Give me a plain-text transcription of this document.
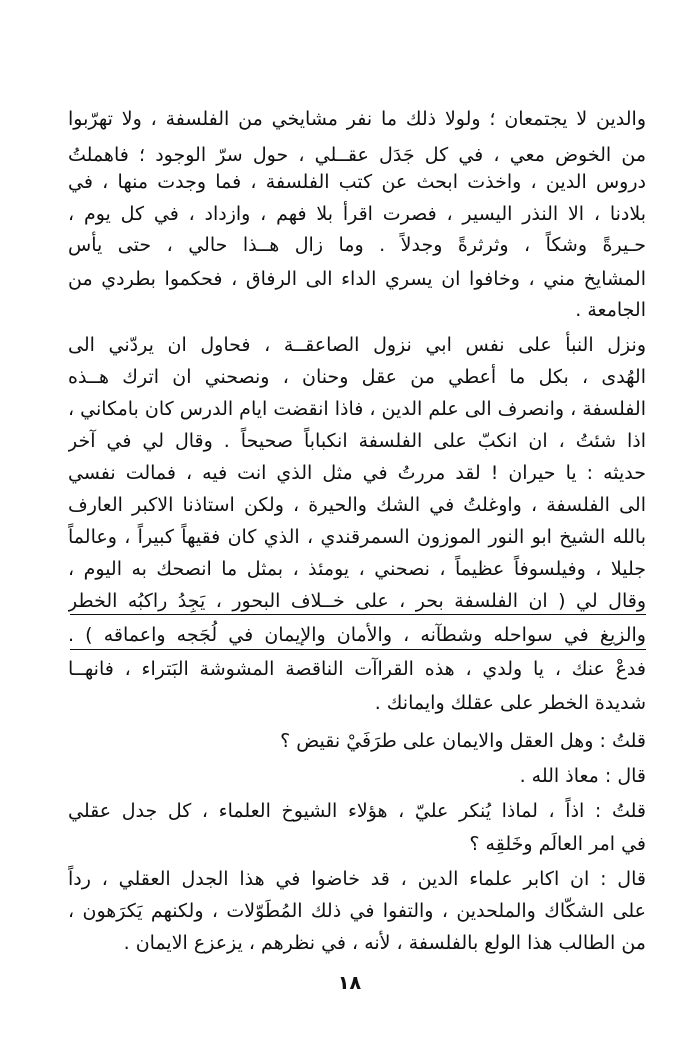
والدين لا يجتمعان ؛ ولولا ذلك ما نفر مشايخي من الفلسفة ، ولا تهرّبوا
من الخوض معي ، في كل جَدَل عقــلي ، حول سرّ الوجود ؛ فاهملتُ
دروس الدين ، واخذت ابحث عن كتب الفلسفة ، فما وجدت منها ، في
بلادنا ، الا النذر اليسير ، فصرت اقرأ بلا فهم ، وازداد ، في كل يوم ،
حـيرةً وشكاً ، وثرثرةً وجدلاً . وما زال هــذا حالي ، حتى يأس
المشايخ مني ، وخافوا ان يسري الداء الى الرفاق ، فحكموا بطردي من
الجامعة .
ونزل النبأ على نفس ابي نزول الصاعقــة ، فحاول ان يردّني الى
الهُدى ، بكل ما أعطي من عقل وحنان ، ونصحني ان اترك هــذه
الفلسفة ، وانصرف الى علم الدين ، فاذا انقضت ايام الدرس كان بامكاني ،
اذا شئتُ ، ان انكبّ على الفلسفة انكباباً صحيحاً . وقال لي في آخر
حديثه : يا حيران ! لقد مررتُ في مثل الذي انت فيه ، فمالت نفسي
الى الفلسفة ، واوغلتُ في الشك والحيرة ، ولكن استاذنا الاكبر العارف
بالله الشيخ ابو النور الموزون السمرقندي ، الذي كان فقيهاً كبيراً ، وعالماً
جليلا ، وفيلسوفاً عظيماً ، نصحني ، يومئذ ، بمثل ما انصحك به اليوم ،
وقال لي ( ان الفلسفة بحر ، على خــلاف البحور ، يَجِدُ راكبُه الخطر
والزيغ في سواحله وشطآنه ، والأمان والإيمان في لُجَجه واعماقه ) .
فدعْ عنك ، يا ولدي ، هذه القراآت الناقصة المشوشة البَتراء ، فانهــا
شديدة الخطر على عقلك وايمانك .
قلتُ : وهل العقل والايمان على طرَفَيْ نقيض ؟
قال : معاذ الله .
قلتُ : اذاً ، لماذا يُنكر عليّ ، هؤلاء الشيوخ العلماء ، كل جدل عقلي
في امر العالَم وخَلقِه ؟
قال : ان اكابر علماء الدين ، قد خاضوا في هذا الجدل العقلي ، رداً
على الشكّاك والملحدين ، والتفوا في ذلك المُطَوّلات ، ولكنهم يَكرَهون ،
من الطالب هذا الولع بالفلسفة ، لأنه ، في نظرهم ، يزعزع الايمان .
١٨
